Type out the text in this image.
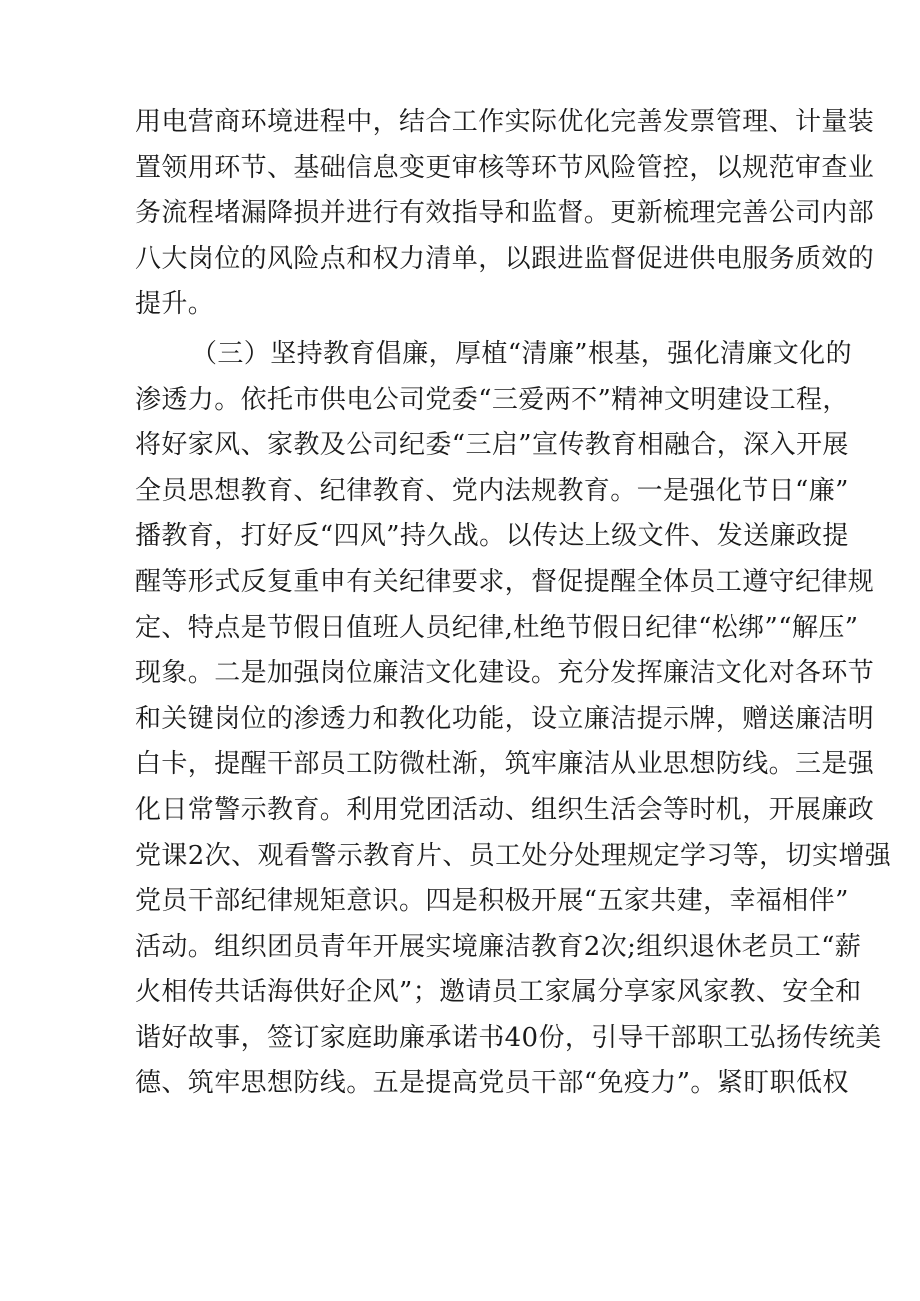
用电营商环境进程中，结合工作实际优化完善发票管理、计量装
置领用环节、基础信息变更审核等环节风险管控，以规范审查业
务流程堵漏降损并进行有效指导和监督。更新梳理完善公司内部
八大岗位的风险点和权力清单，以跟进监督促进供电服务质效的
提升。
（三）坚持教育倡廉，厚植“清廉”根基，强化清廉文化的
渗透力。依托市供电公司党委“三爱两不”精神文明建设工程，
将好家风、家教及公司纪委“三启”宣传教育相融合，深入开展
全员思想教育、纪律教育、党内法规教育。一是强化节日“廉”
播教育，打好反“四风”持久战。以传达上级文件、发送廉政提
醒等形式反复重申有关纪律要求，督促提醒全体员工遵守纪律规
定、特点是节假日值班人员纪律,杜绝节假日纪律“松绑”“解压”
现象。二是加强岗位廉洁文化建设。充分发挥廉洁文化对各环节
和关键岗位的渗透力和教化功能，设立廉洁提示牌，赠送廉洁明
白卡，提醒干部员工防微杜渐，筑牢廉洁从业思想防线。三是强
化日常警示教育。利用党团活动、组织生活会等时机，开展廉政
党课2次、观看警示教育片、员工处分处理规定学习等，切实增强
党员干部纪律规矩意识。四是积极开展“五家共建，幸福相伴”
活动。组织团员青年开展实境廉洁教育2次;组织退休老员工“薪
火相传共话海供好企风”；邀请员工家属分享家风家教、安全和
谐好故事，签订家庭助廉承诺书40份，引导干部职工弘扬传统美
德、筑牢思想防线。五是提高党员干部“免疫力”。紧盯职低权
